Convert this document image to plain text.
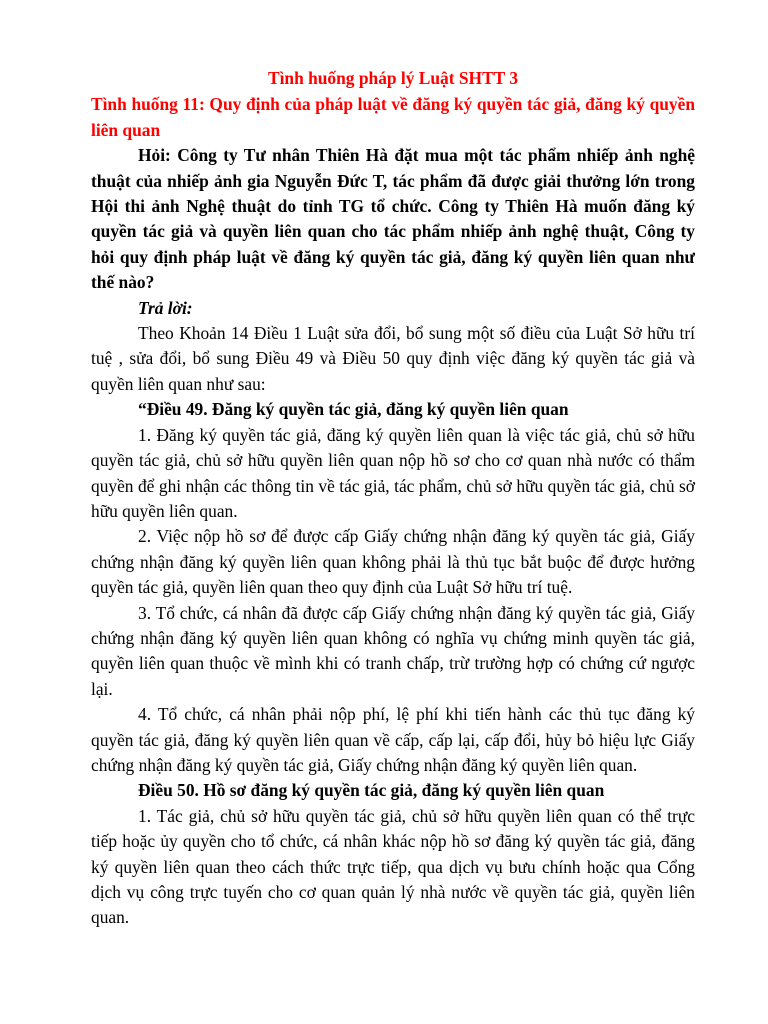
Tình huống pháp lý Luật SHTT 3

Tình huống 11: Quy định của pháp luật về đăng ký quyền tác giả, đăng ký quyền liên quan

Hỏi: Công ty Tư nhân Thiên Hà đặt mua một tác phẩm nhiếp ảnh nghệ thuật của nhiếp ảnh gia Nguyễn Đức T, tác phẩm đã được giải thưởng lớn trong Hội thi ảnh Nghệ thuật do tỉnh TG tổ chức. Công ty Thiên Hà muốn đăng ký quyền tác giả và quyền liên quan cho tác phẩm nhiếp ảnh nghệ thuật, Công ty hỏi quy định pháp luật về đăng ký quyền tác giả, đăng ký quyền liên quan như thế nào?

Trả lời:

Theo Khoản 14 Điều 1 Luật sửa đổi, bổ sung một số điều của Luật Sở hữu trí tuệ , sửa đổi, bổ sung Điều 49 và Điều 50 quy định việc đăng ký quyền tác giả và quyền liên quan như sau:

“Điều 49. Đăng ký quyền tác giả, đăng ký quyền liên quan

1. Đăng ký quyền tác giả, đăng ký quyền liên quan là việc tác giả, chủ sở hữu quyền tác giả, chủ sở hữu quyền liên quan nộp hồ sơ cho cơ quan nhà nước có thẩm quyền để ghi nhận các thông tin về tác giả, tác phẩm, chủ sở hữu quyền tác giả, chủ sở hữu quyền liên quan.

2. Việc nộp hồ sơ để được cấp Giấy chứng nhận đăng ký quyền tác giả, Giấy chứng nhận đăng ký quyền liên quan không phải là thủ tục bắt buộc để được hưởng quyền tác giả, quyền liên quan theo quy định của Luật Sở hữu trí tuệ.

3. Tổ chức, cá nhân đã được cấp Giấy chứng nhận đăng ký quyền tác giả, Giấy chứng nhận đăng ký quyền liên quan không có nghĩa vụ chứng minh quyền tác giả, quyền liên quan thuộc về mình khi có tranh chấp, trừ trường hợp có chứng cứ ngược lại.

4. Tổ chức, cá nhân phải nộp phí, lệ phí khi tiến hành các thủ tục đăng ký quyền tác giả, đăng ký quyền liên quan về cấp, cấp lại, cấp đổi, hủy bỏ hiệu lực Giấy chứng nhận đăng ký quyền tác giả, Giấy chứng nhận đăng ký quyền liên quan.

Điều 50. Hồ sơ đăng ký quyền tác giả, đăng ký quyền liên quan

1. Tác giả, chủ sở hữu quyền tác giả, chủ sở hữu quyền liên quan có thể trực tiếp hoặc ủy quyền cho tổ chức, cá nhân khác nộp hồ sơ đăng ký quyền tác giả, đăng ký quyền liên quan theo cách thức trực tiếp, qua dịch vụ bưu chính hoặc qua Cổng dịch vụ công trực tuyến cho cơ quan quản lý nhà nước về quyền tác giả, quyền liên quan.
